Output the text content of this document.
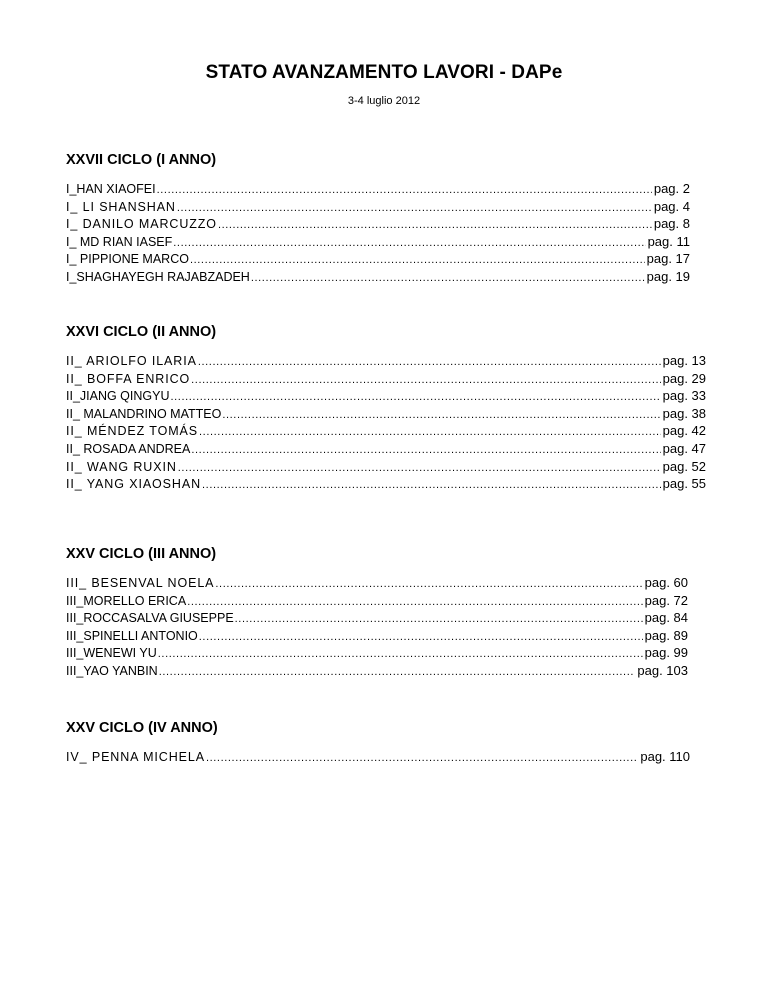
STATO AVANZAMENTO LAVORI - DAPe

3-4 luglio 2012

XXVII CICLO (I ANNO)
I_HAN XIAOFEI .....	pag. 2
I_ LI SHANSHAN .....	pag. 4
I_ DANILO MARCUZZO .....	pag. 8
I_ MD RIAN IASEF .....	pag. 11
I_ PIPPIONE MARCO .....	pag. 17
I_SHAGHAYEGH RAJABZADEH .....	pag. 19
XXVI CICLO (II ANNO)
II_ ARIOLFO ILARIA .....	pag. 13
II_ BOFFA ENRICO .....	pag. 29
II_JIANG QINGYU .....	pag. 33
II_ MALANDRINO MATTEO .....	pag. 38
II_ MÉNDEZ TOMÁS .....	pag. 42
II_ ROSADA ANDREA .....	pag. 47
II_ WANG RUXIN .....	pag. 52
II_ YANG XIAOSHAN .....	pag. 55
XXV CICLO (III ANNO)
III_ BESENVAL NOELA .....	pag. 60
III_MORELLO ERICA .....	pag. 72
III_ROCCASALVA GIUSEPPE .....	pag. 84
III_SPINELLI ANTONIO .....	pag. 89
III_WENEWI YU .....	pag. 99
III_YAO YANBIN .....	pag. 103
XXV CICLO (IV ANNO)
IV_ PENNA MICHELA .....	pag. 110
